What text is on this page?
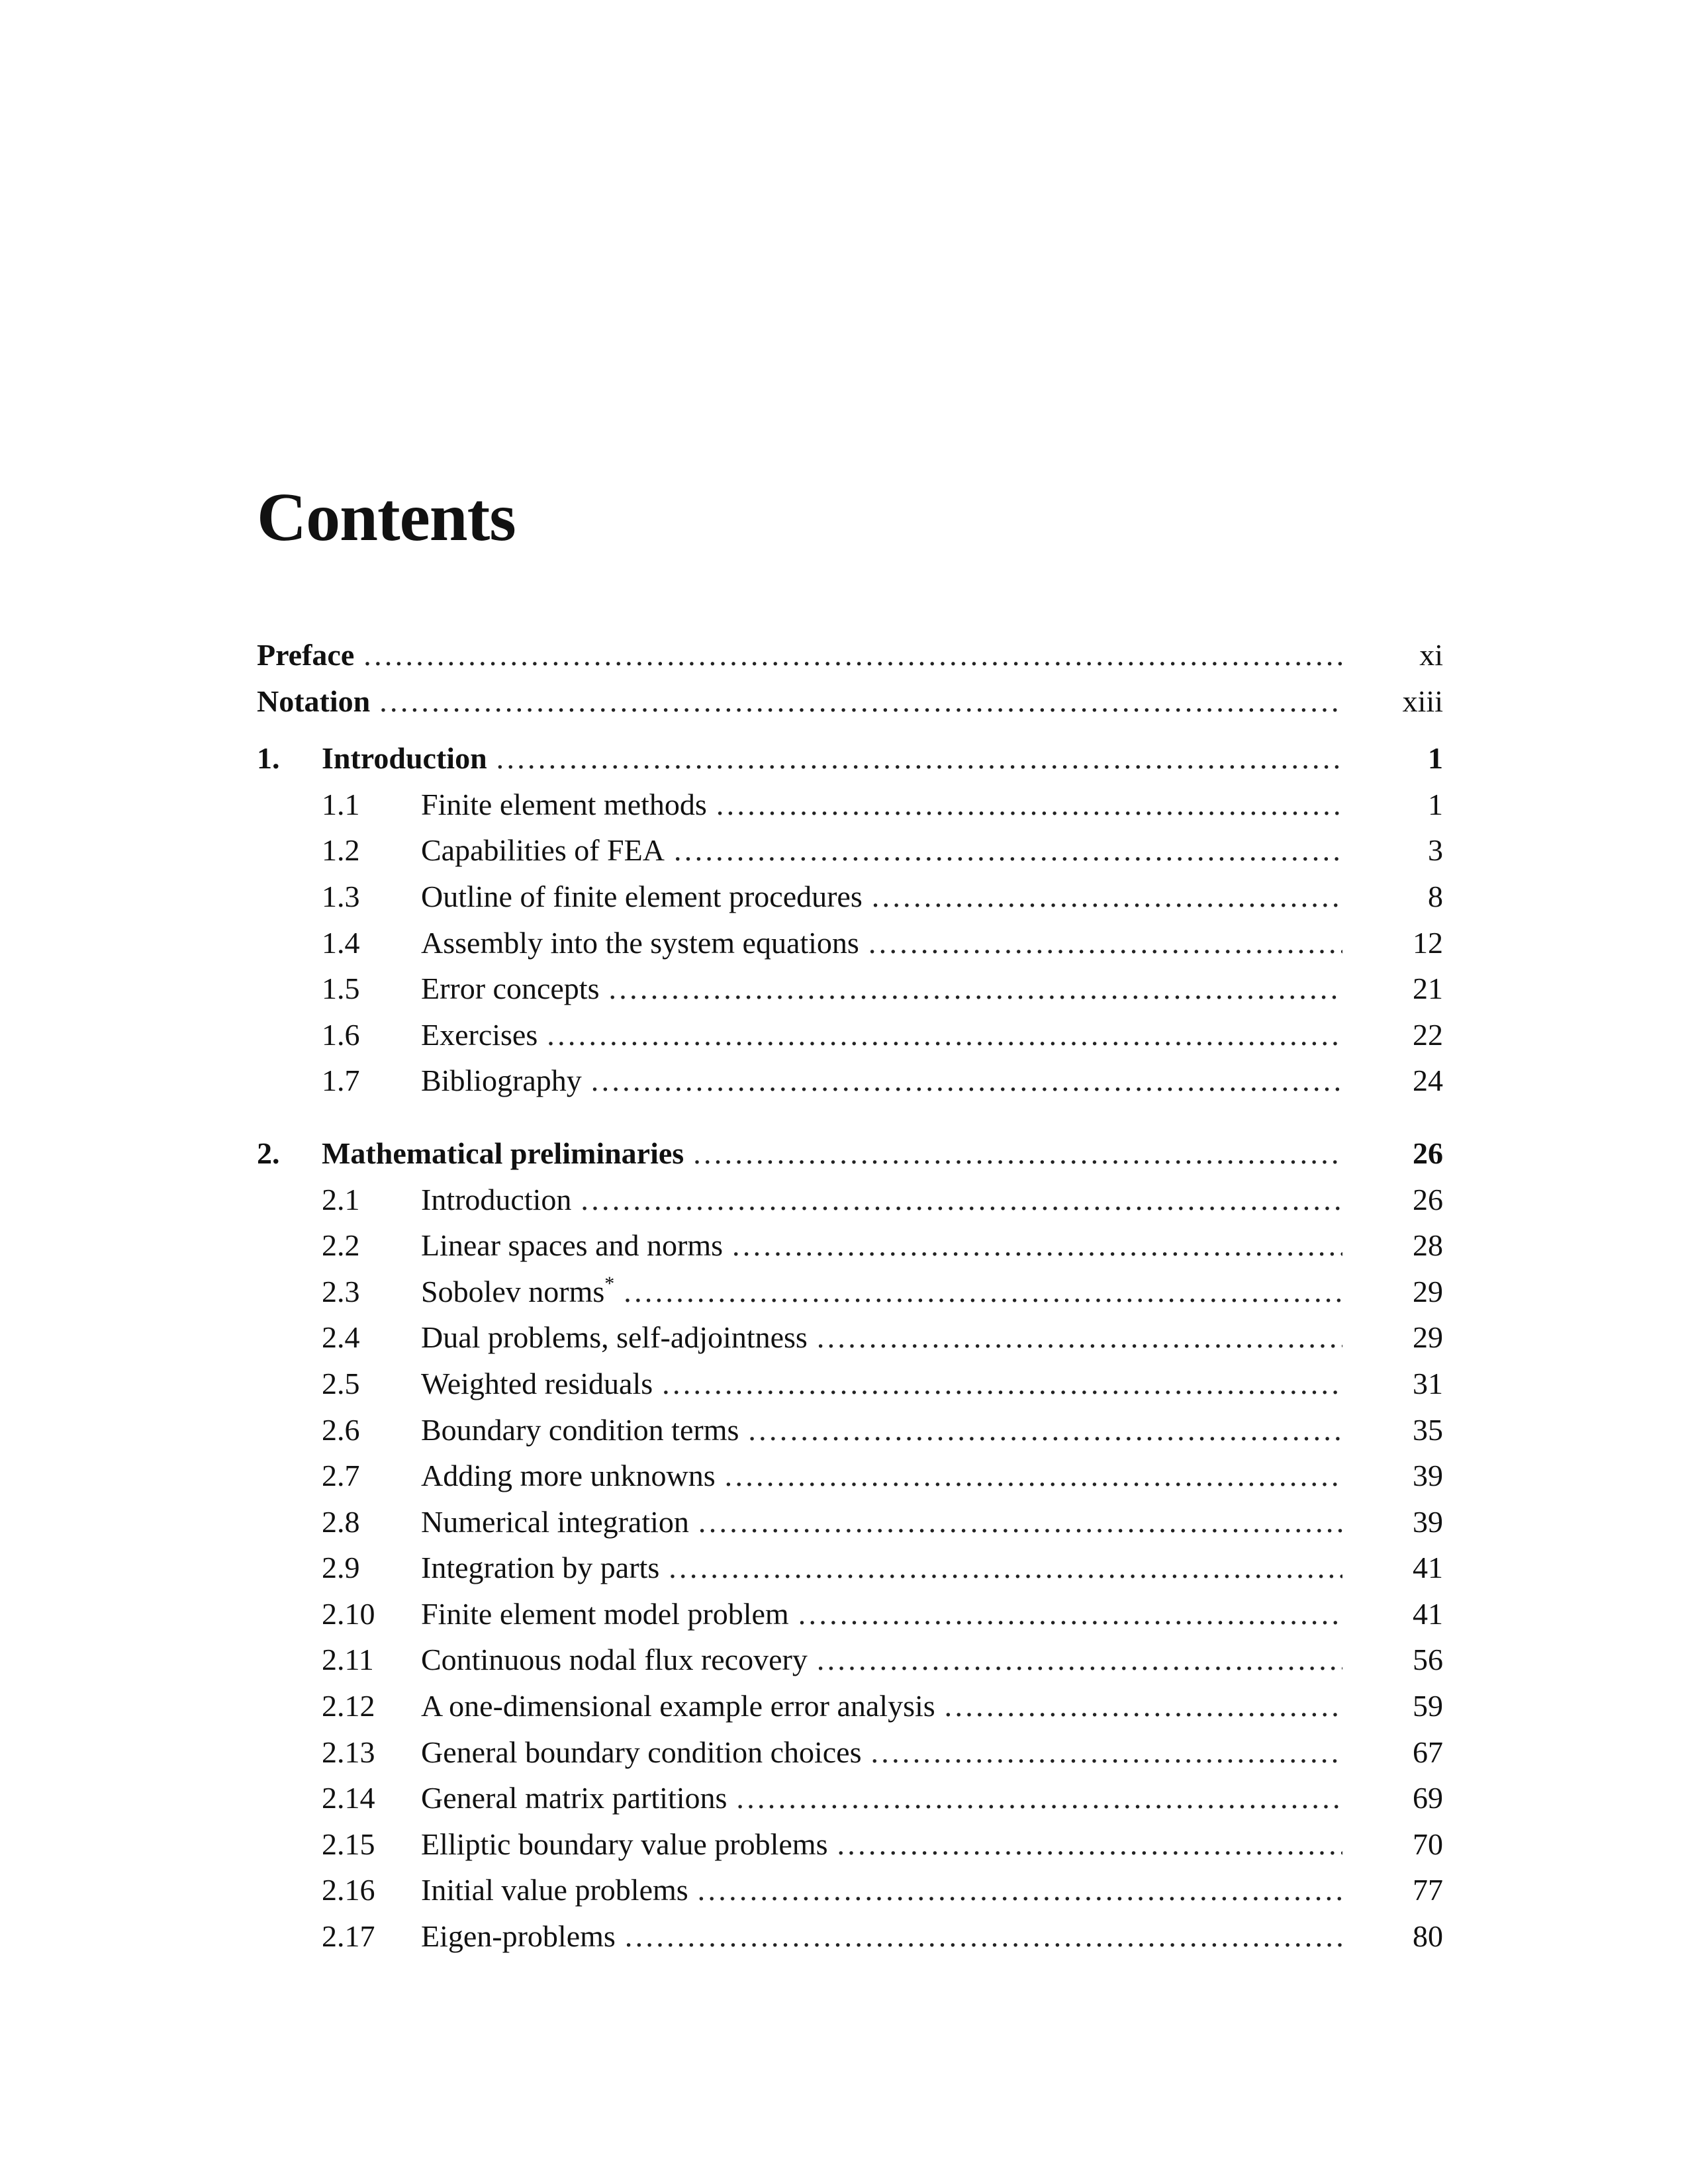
Contents
Preface .....	xi
Notation .....	xiii
1. Introduction .....	1
1.1 Finite element methods .....	1
1.2 Capabilities of FEA .....	3
1.3 Outline of finite element procedures .....	8
1.4 Assembly into the system equations .....	12
1.5 Error concepts .....	21
1.6 Exercises .....	22
1.7 Bibliography .....	24
2. Mathematical preliminaries .....	26
2.1 Introduction .....	26
2.2 Linear spaces and norms .....	28
2.3 Sobolev norms* .....	29
2.4 Dual problems, self-adjointness .....	29
2.5 Weighted residuals .....	31
2.6 Boundary condition terms .....	35
2.7 Adding more unknowns .....	39
2.8 Numerical integration .....	39
2.9 Integration by parts .....	41
2.10 Finite element model problem .....	41
2.11 Continuous nodal flux recovery .....	56
2.12 A one-dimensional example error analysis .....	59
2.13 General boundary condition choices .....	67
2.14 General matrix partitions .....	69
2.15 Elliptic boundary value problems .....	70
2.16 Initial value problems .....	77
2.17 Eigen-problems .....	80
